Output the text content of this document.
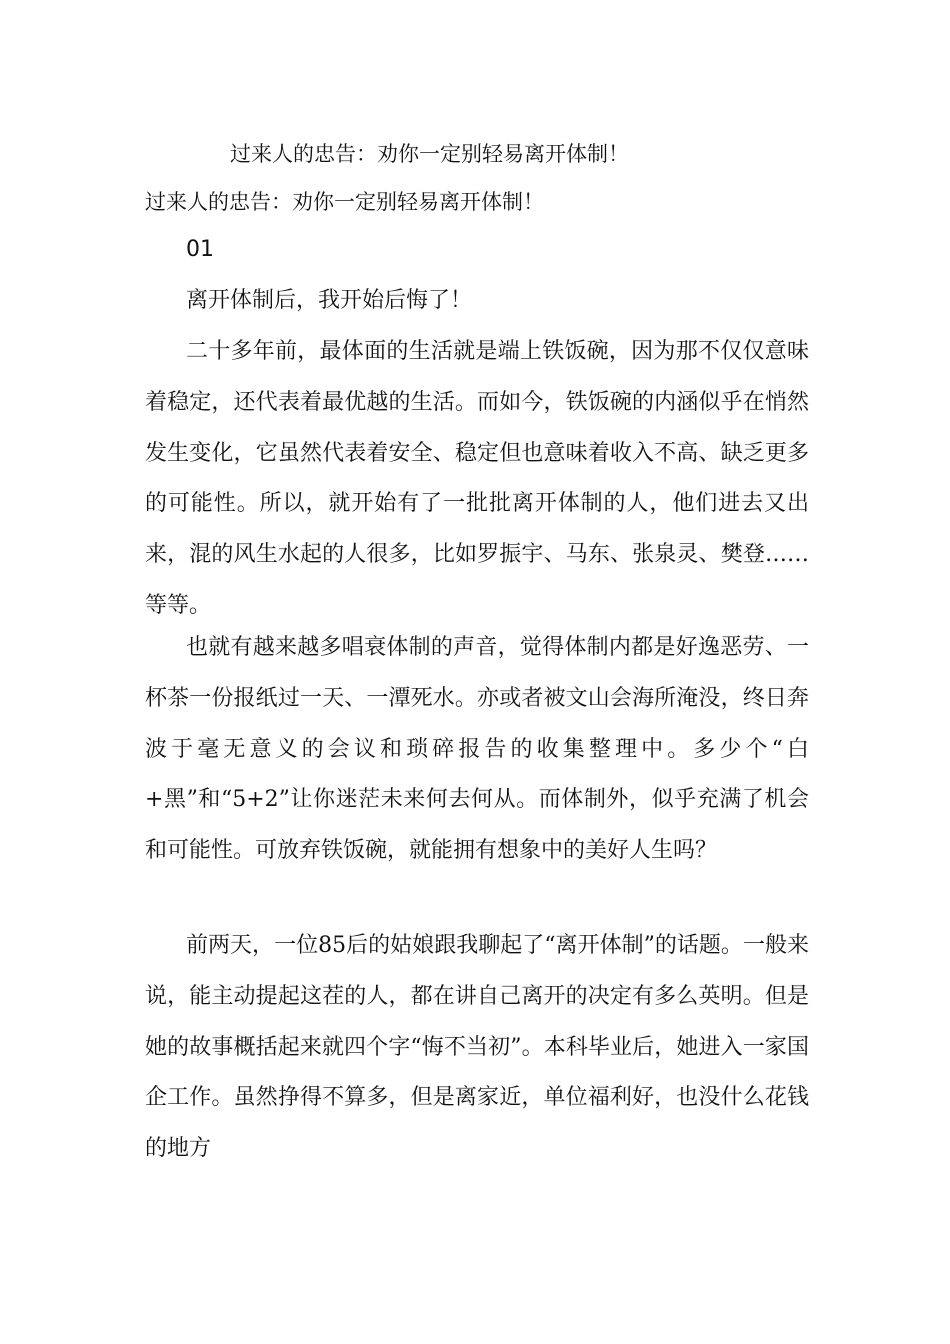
过来人的忠告：劝你一定别轻易离开体制！
过来人的忠告：劝你一定别轻易离开体制！
01
离开体制后，我开始后悔了！

二十多年前，最体面的生活就是端上铁饭碗，因为那不仅仅意味着稳定，还代表着最优越的生活。而如今，铁饭碗的内涵似乎在悄然发生变化，它虽然代表着安全、稳定但也意味着收入不高、缺乏更多的可能性。所以，就开始有了一批批离开体制的人，他们进去又出来，混的风生水起的人很多，比如罗振宇、马东、张泉灵、樊登……等等。

也就有越来越多唱衰体制的声音，觉得体制内都是好逸恶劳、一杯茶一份报纸过一天、一潭死水。亦或者被文山会海所淹没，终日奔波于毫无意义的会议和琐碎报告的收集整理中。多少个“白+黑”和“5+2”让你迷茫未来何去何从。而体制外，似乎充满了机会和可能性。可放弃铁饭碗，就能拥有想象中的美好人生吗？

前两天，一位85后的姑娘跟我聊起了“离开体制”的话题。一般来说，能主动提起这茬的人，都在讲自己离开的决定有多么英明。但是她的故事概括起来就四个字“悔不当初”。本科毕业后，她进入一家国企工作。虽然挣得不算多，但是离家近，单位福利好，也没什么花钱的地方
